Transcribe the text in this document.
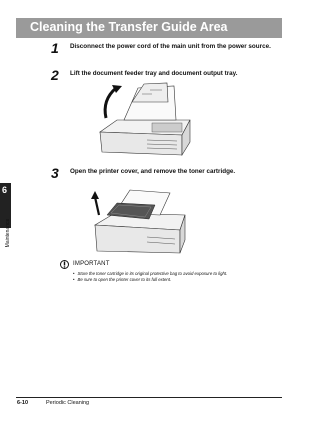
Cleaning the Transfer Guide Area
1 Disconnect the power cord of the main unit from the power source.
2 Lift the document feeder tray and document output tray.
3 Open the printer cover, and remove the toner cartridge.
6
Maintenance
IMPORTANT
• Store the toner cartridge in its original protective bag to avoid exposure to light.
• Be sure to open the printer cover to its full extent.
6-10	Periodic Cleaning
